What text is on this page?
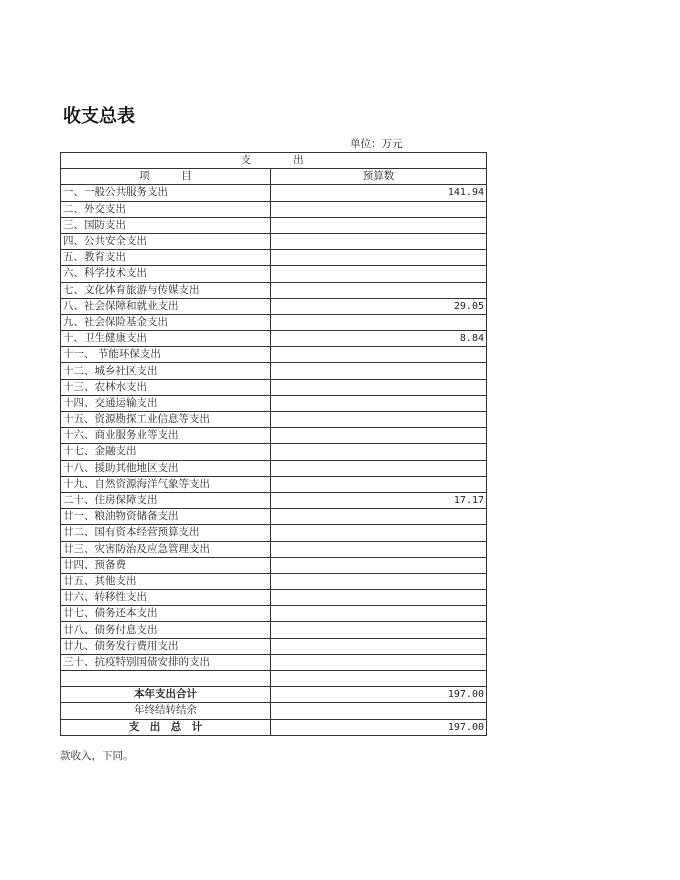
收支总表
单位：万元
支　　　出	
项　　　目	预算数
一、一般公共服务支出	141.94
二、外交支出	
三、国防支出	
四、公共安全支出	
五、教育支出	
六、科学技术支出	
七、文化体育旅游与传媒支出	
八、社会保障和就业支出	29.05
九、社会保险基金支出	
十、卫生健康支出	8.84
十一、 节能环保支出	
十二、城乡社区支出	
十三、农林水支出	
十四、交通运输支出	
十五、资源勘探工业信息等支出	
十六、商业服务业等支出	
十七、金融支出	
十八、援助其他地区支出	
十九、自然资源海洋气象等支出	
二十、住房保障支出	17.17
廿一、粮油物资储备支出	
廿二、国有资本经营预算支出	
廿三、灾害防治及应急管理支出	
廿四、预备费	
廿五、其他支出	
廿六、转移性支出	
廿七、债务还本支出	
廿八、债务付息支出	
廿九、债务发行费用支出	
三十、抗疫特别国债安排的支出	

本年支出合计	197.00
年终结转结余	
支　出　总　计	197.00
款收入，下同。
